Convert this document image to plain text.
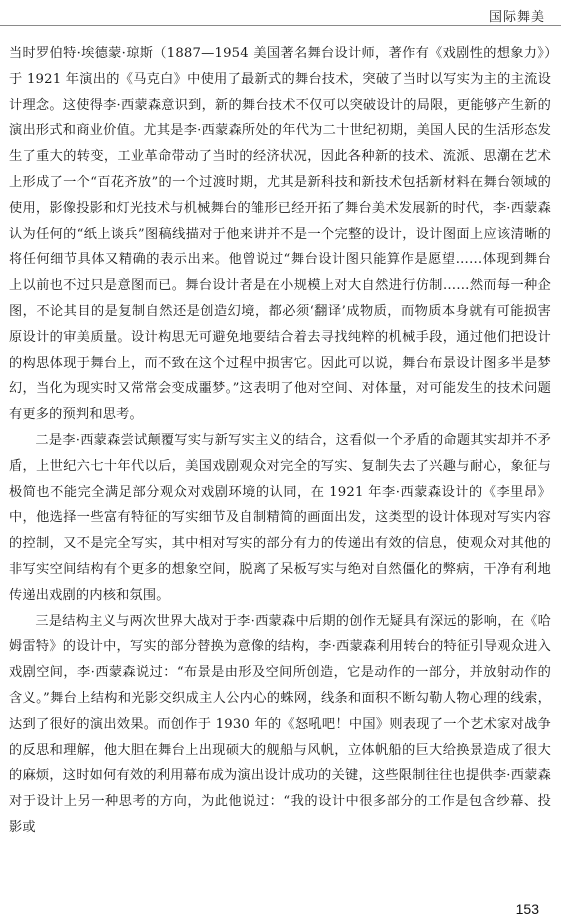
国际舞美

当时罗伯特·埃德蒙·琼斯（1887—1954 美国著名舞台设计师，著作有《戏剧性的想象力》）于 1921 年演出的《马克白》中使用了最新式的舞台技术，突破了当时以写实为主的主流设计理念。这使得李·西蒙森意识到，新的舞台技术不仅可以突破设计的局限，更能够产生新的演出形式和商业价值。尤其是李·西蒙森所处的年代为二十世纪初期，美国人民的生活形态发生了重大的转变，工业革命带动了当时的经济状况，因此各种新的技术、流派、思潮在艺术上形成了一个“百花齐放”的一个过渡时期，尤其是新科技和新技术包括新材料在舞台领域的使用，影像投影和灯光技术与机械舞台的雏形已经开拓了舞台美术发展新的时代，李·西蒙森认为任何的“纸上谈兵”图稿线描对于他来讲并不是一个完整的设计，设计图面上应该清晰的将任何细节具体又精确的表示出来。他曾说过“舞台设计图只能算作是愿望……体现到舞台上以前也不过只是意图而已。舞台设计者是在小规模上对大自然进行仿制……然而每一种企图，不论其目的是复制自然还是创造幻境，都必须‘翻译’成物质，而物质本身就有可能损害原设计的审美质量。设计构思无可避免地要结合着去寻找纯粹的机械手段，通过他们把设计的构思体现于舞台上，而不致在这个过程中损害它。因此可以说，舞台布景设计图多半是梦幻，当化为现实时又常常会变成噩梦。”这表明了他对空间、对体量，对可能发生的技术问题有更多的预判和思考。

二是李·西蒙森尝试颠覆写实与新写实主义的结合，这看似一个矛盾的命题其实却并不矛盾，上世纪六七十年代以后，美国戏剧观众对完全的写实、复制失去了兴趣与耐心，象征与极简也不能完全满足部分观众对戏剧环境的认同，在 1921 年李·西蒙森设计的《李里昂》中，他选择一些富有特征的写实细节及自制精简的画面出发，这类型的设计体现对写实内容的控制，又不是完全写实，其中相对写实的部分有力的传递出有效的信息，使观众对其他的非写实空间结构有个更多的想象空间，脱离了呆板写实与绝对自然僵化的弊病，干净有利地传递出戏剧的内核和氛围。

三是结构主义与两次世界大战对于李·西蒙森中后期的创作无疑具有深远的影响，在《哈姆雷特》的设计中，写实的部分替换为意像的结构，李·西蒙森利用转台的特征引导观众进入戏剧空间，李·西蒙森说过：“布景是由形及空间所创造，它是动作的一部分，并放射动作的含义。”舞台上结构和光影交织成主人公内心的蛛网，线条和面积不断勾勒人物心理的线索，达到了很好的演出效果。而创作于 1930 年的《怒吼吧！中国》则表现了一个艺术家对战争的反思和理解，他大胆在舞台上出现硕大的舰船与风帆，立体帆船的巨大给换景造成了很大的麻烦，这时如何有效的利用幕布成为演出设计成功的关键，这些限制往往也提供李·西蒙森对于设计上另一种思考的方向，为此他说过：“我的设计中很多部分的工作是包含纱幕、投影或

153
